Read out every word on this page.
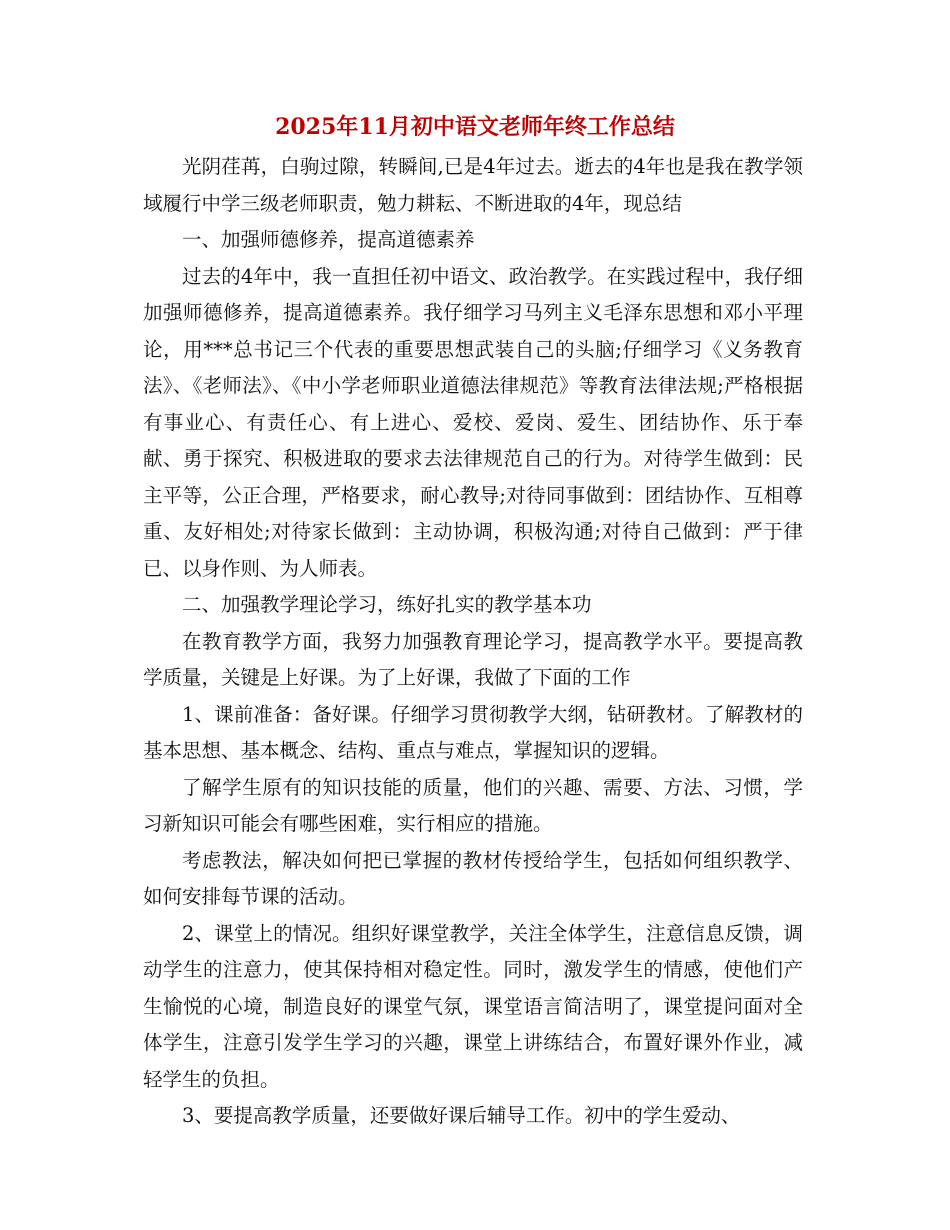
2025年11月初中语文老师年终工作总结

光阴荏苒，白驹过隙，转瞬间,已是4年过去。逝去的4年也是我在教学领域履行中学三级老师职责，勉力耕耘、不断进取的4年，现总结

一、加强师德修养，提高道德素养

过去的4年中，我一直担任初中语文、政治教学。在实践过程中，我仔细加强师德修养，提高道德素养。我仔细学习马列主义毛泽东思想和邓小平理论，用***总书记三个代表的重要思想武装自己的头脑;仔细学习《义务教育法》、《老师法》、《中小学老师职业道德法律规范》等教育法律法规;严格根据有事业心、有责任心、有上进心、爱校、爱岗、爱生、团结协作、乐于奉献、勇于探究、积极进取的要求去法律规范自己的行为。对待学生做到：民主平等，公正合理，严格要求，耐心教导;对待同事做到：团结协作、互相尊重、友好相处;对待家长做到：主动协调，积极沟通;对待自己做到：严于律已、以身作则、为人师表。

二、加强教学理论学习，练好扎实的教学基本功

在教育教学方面，我努力加强教育理论学习，提高教学水平。要提高教学质量，关键是上好课。为了上好课，我做了下面的工作

1、课前准备：备好课。仔细学习贯彻教学大纲，钻研教材。了解教材的基本思想、基本概念、结构、重点与难点，掌握知识的逻辑。

了解学生原有的知识技能的质量，他们的兴趣、需要、方法、习惯，学习新知识可能会有哪些困难，实行相应的措施。

考虑教法，解决如何把已掌握的教材传授给学生，包括如何组织教学、如何安排每节课的活动。

2、课堂上的情况。组织好课堂教学，关注全体学生，注意信息反馈，调动学生的注意力，使其保持相对稳定性。同时，激发学生的情感，使他们产生愉悦的心境，制造良好的课堂气氛，课堂语言简洁明了，课堂提问面对全体学生，注意引发学生学习的兴趣，课堂上讲练结合，布置好课外作业，减轻学生的负担。

3、要提高教学质量，还要做好课后辅导工作。初中的学生爱动、
